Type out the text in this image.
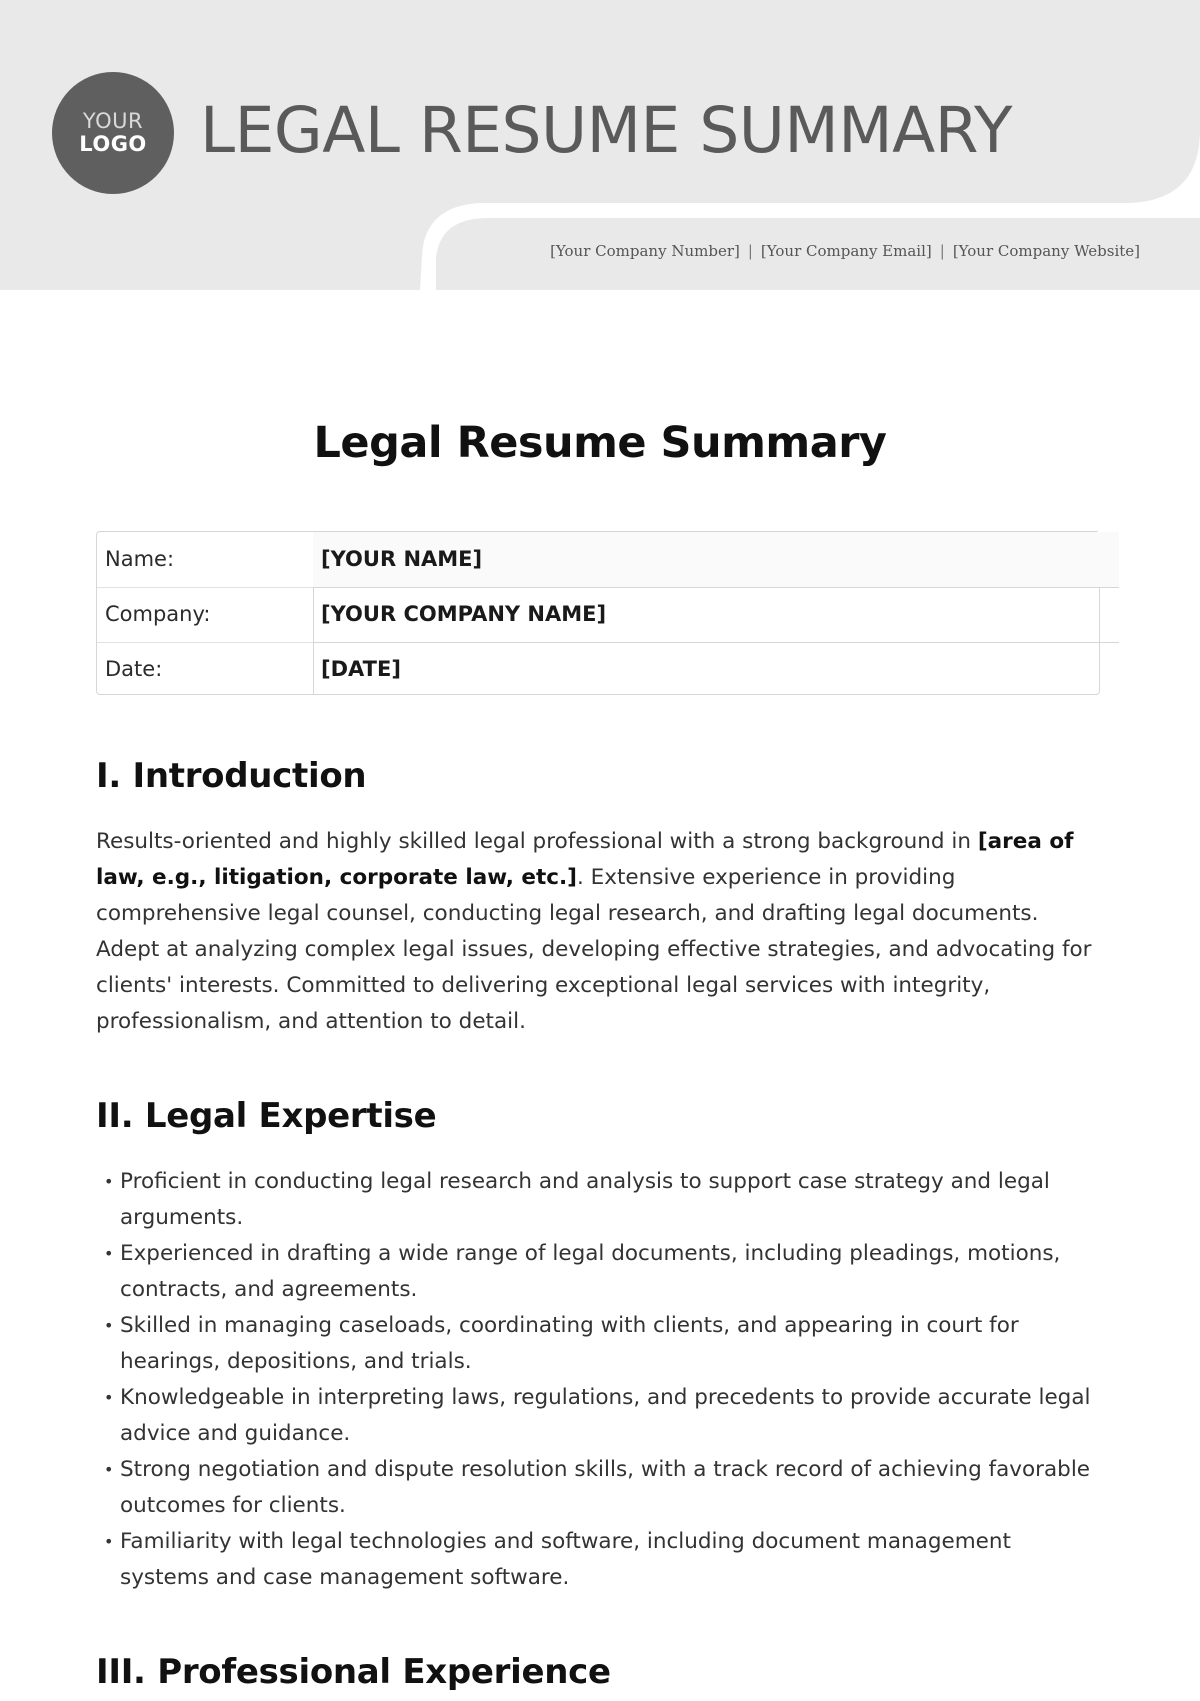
YOUR
LOGO LEGAL RESUME SUMMARY
[Your Company Number] | [Your Company Email] | [Your Company Website]
Legal Resume Summary
Name:	[YOUR NAME]
Company:	[YOUR COMPANY NAME]
Date:	[DATE]
I. Introduction

Results-oriented and highly skilled legal professional with a strong background in [area of law, e.g., litigation, corporate law, etc.]. Extensive experience in providing comprehensive legal counsel, conducting legal research, and drafting legal documents. Adept at analyzing complex legal issues, developing effective strategies, and advocating for clients' interests. Committed to delivering exceptional legal services with integrity, professionalism, and attention to detail.

II. Legal Expertise
• Proficient in conducting legal research and analysis to support case strategy and legal arguments.
• Experienced in drafting a wide range of legal documents, including pleadings, motions, contracts, and agreements.
• Skilled in managing caseloads, coordinating with clients, and appearing in court for hearings, depositions, and trials.
• Knowledgeable in interpreting laws, regulations, and precedents to provide accurate legal advice and guidance.
• Strong negotiation and dispute resolution skills, with a track record of achieving favorable outcomes for clients.
• Familiarity with legal technologies and software, including document management systems and case management software.
III. Professional Experience
